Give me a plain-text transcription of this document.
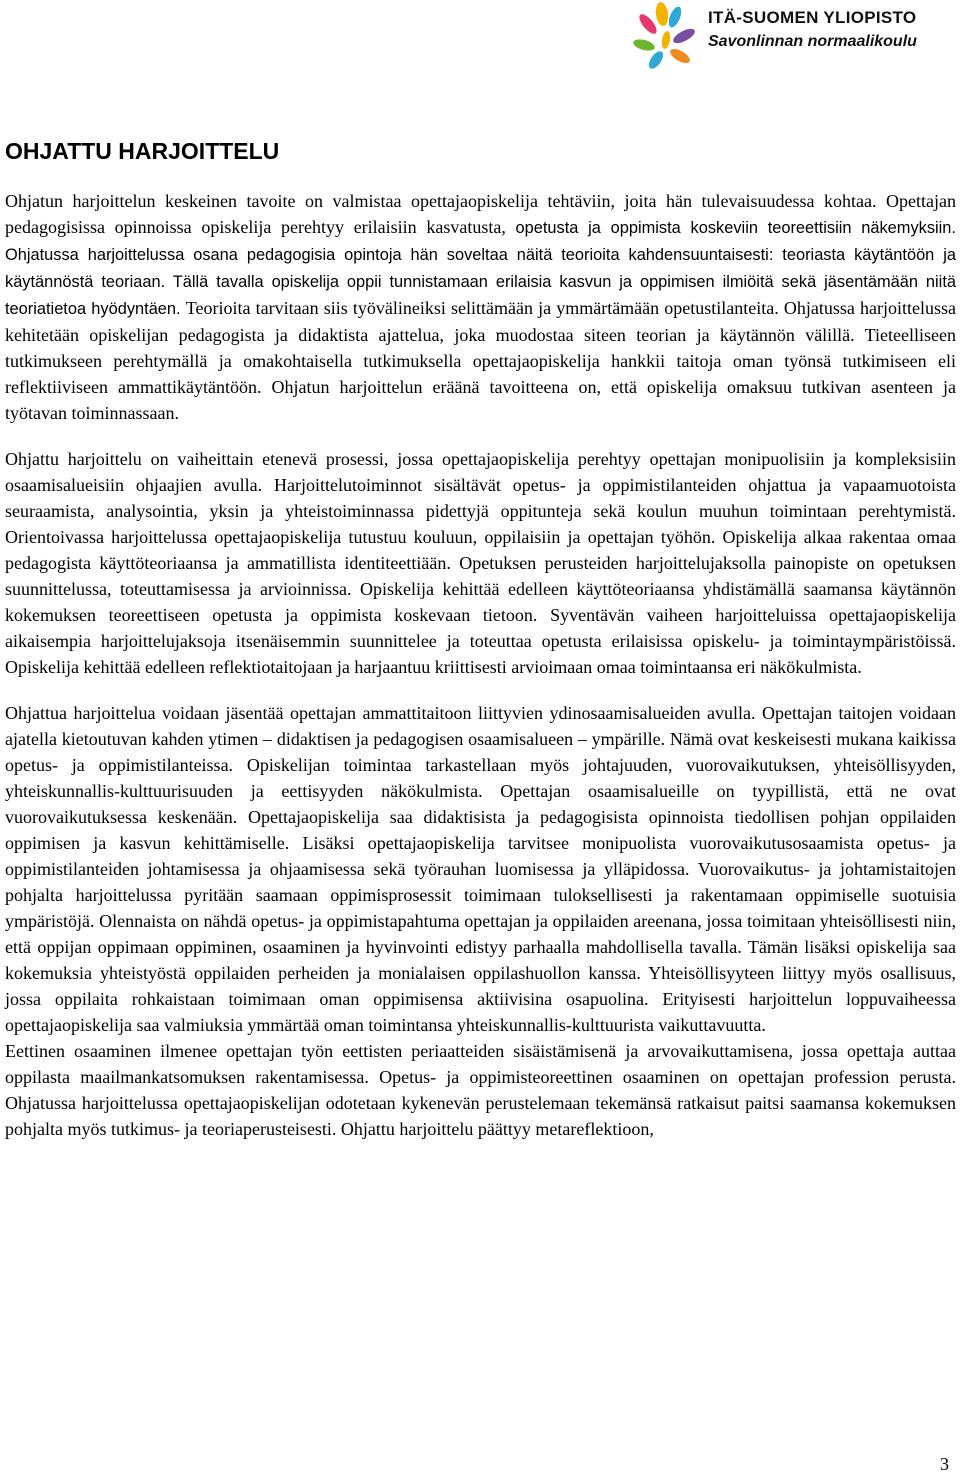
ITÄ-SUOMEN YLIOPISTO
Savonlinnan normaalikoulu
OHJATTU HARJOITTELU

Ohjatun harjoittelun keskeinen tavoite on valmistaa opettajaopiskelija tehtäviin, joita hän tulevaisuudessa kohtaa. Opettajan pedagogisissa opinnoissa opiskelija perehtyy erilaisiin kasvatusta, opetusta ja oppimista koskeviin teoreettisiin näkemyksiin. Ohjatussa harjoittelussa osana pedagogisia opintoja hän soveltaa näitä teorioita kahdensuuntaisesti: teoriasta käytäntöön ja käytännöstä teoriaan. Tällä tavalla opiskelija oppii tunnistamaan erilaisia kasvun ja oppimisen ilmiöitä sekä jäsentämään niitä teoriatietoa hyödyntäen. Teorioita tarvitaan siis työvälineiksi selittämään ja ymmärtämään opetustilanteita. Ohjatussa harjoittelussa kehitetään opiskelijan pedagogista ja didaktista ajattelua, joka muodostaa siteen teorian ja käytännön välillä. Tieteelliseen tutkimukseen perehtymällä ja omakohtaisella tutkimuksella opettajaopiskelija hankkii taitoja oman työnsä tutkimiseen eli reflektiiviseen ammattikäytäntöön. Ohjatun harjoittelun eräänä tavoitteena on, että opiskelija omaksuu tutkivan asenteen ja työtavan toiminnassaan.

Ohjattu harjoittelu on vaiheittain etenevä prosessi, jossa opettajaopiskelija perehtyy opettajan monipuolisiin ja kompleksisiin osaamisalueisiin ohjaajien avulla. Harjoittelutoiminnot sisältävät opetus- ja oppimistilanteiden ohjattua ja vapaamuotoista seuraamista, analysointia, yksin ja yhteistoiminnassa pidettyjä oppitunteja sekä koulun muuhun toimintaan perehtymistä. Orientoivassa harjoittelussa opettajaopiskelija tutustuu kouluun, oppilaisiin ja opettajan työhön. Opiskelija alkaa rakentaa omaa pedagogista käyttöteoriaansa ja ammatillista identiteettiään. Opetuksen perusteiden harjoittelujaksolla painopiste on opetuksen suunnittelussa, toteuttamisessa ja arvioinnissa. Opiskelija kehittää edelleen käyttöteoriaansa yhdistämällä saamansa käytännön kokemuksen teoreettiseen opetusta ja oppimista koskevaan tietoon. Syventävän vaiheen harjoitteluissa opettajaopiskelija aikaisempia harjoittelujaksoja itsenäisemmin suunnittelee ja toteuttaa opetusta erilaisissa opiskelu- ja toimintaympäristöissä. Opiskelija kehittää edelleen reflektiotaitojaan ja harjaantuu kriittisesti arvioimaan omaa toimintaansa eri näkökulmista.

Ohjattua harjoittelua voidaan jäsentää opettajan ammattitaitoon liittyvien ydinosaamisalueiden avulla. Opettajan taitojen voidaan ajatella kietoutuvan kahden ytimen – didaktisen ja pedagogisen osaamisalueen – ympärille. Nämä ovat keskeisesti mukana kaikissa opetus- ja oppimistilanteissa. Opiskelijan toimintaa tarkastellaan myös johtajuuden, vuorovaikutuksen, yhteisöllisyyden, yhteiskunnallis-kulttuurisuuden ja eettisyyden näkökulmista. Opettajan osaamisalueille on tyypillistä, että ne ovat vuorovaikutuksessa keskenään. Opettajaopiskelija saa didaktisista ja pedagogisista opinnoista tiedollisen pohjan oppilaiden oppimisen ja kasvun kehittämiselle. Lisäksi opettajaopiskelija tarvitsee monipuolista vuorovaikutusosaamista opetus- ja oppimistilanteiden johtamisessa ja ohjaamisessa sekä työrauhan luomisessa ja ylläpidossa. Vuorovaikutus- ja johtamistaitojen pohjalta harjoittelussa pyritään saamaan oppimisprosessit toimimaan tuloksellisesti ja rakentamaan oppimiselle suotuisia ympäristöjä. Olennaista on nähdä opetus- ja oppimistapahtuma opettajan ja oppilaiden areenana, jossa toimitaan yhteisöllisesti niin, että oppijan oppimaan oppiminen, osaaminen ja hyvinvointi edistyy parhaalla mahdollisella tavalla. Tämän lisäksi opiskelija saa kokemuksia yhteistyöstä oppilaiden perheiden ja monialaisen oppilashuollon kanssa. Yhteisöllisyyteen liittyy myös osallisuus, jossa oppilaita rohkaistaan toimimaan oman oppimisensa aktiivisina osapuolina. Erityisesti harjoittelun loppuvaiheessa opettajaopiskelija saa valmiuksia ymmärtää oman toimintansa yhteiskunnallis-kulttuurista vaikuttavuutta.

Eettinen osaaminen ilmenee opettajan työn eettisten periaatteiden sisäistämisenä ja arvovaikuttamisena, jossa opettaja auttaa oppilasta maailmankatsomuksen rakentamisessa. Opetus- ja oppimisteoreettinen osaaminen on opettajan profession perusta. Ohjatussa harjoittelussa opettajaopiskelijan odotetaan kykenevän perustelemaan tekemänsä ratkaisut paitsi saamansa kokemuksen pohjalta myös tutkimus- ja teoriaperusteisesti. Ohjattu harjoittelu päättyy metareflektioon,

3
